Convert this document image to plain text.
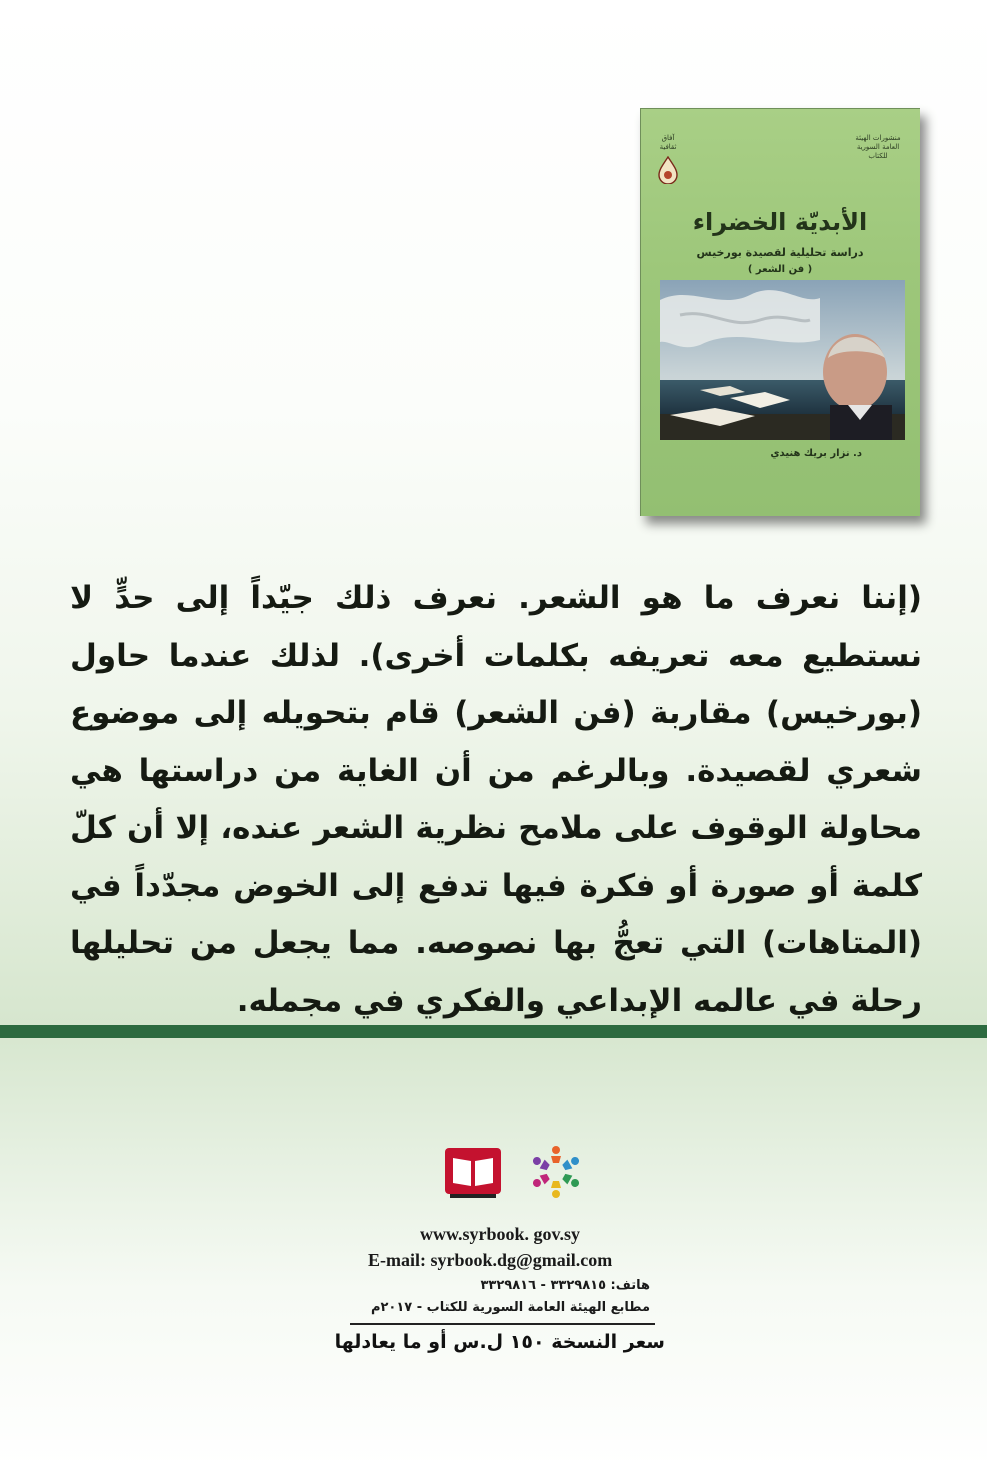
منشورات الهيئة العامة السورية للكتاب
آفاق ثقافية
الأبديّة الخضراء
دراسة تحليلية لقصيدة بورخيس
( فن الشعر )
د. نزار بريك هنيدي
(إننا نعرف ما هو الشعر. نعرف ذلك جيّداً إلى حدٍّ لا نستطيع معه تعريفه بكلمات أخرى). لذلك عندما حاول (بورخيس) مقاربة (فن الشعر) قام بتحويله إلى موضوع شعري لقصيدة. وبالرغم من أن الغاية من دراستها هي محاولة الوقوف على ملامح نظرية الشعر عنده، إلا أن كلّ كلمة أو صورة أو فكرة فيها تدفع إلى الخوض مجدّداً في (المتاهات) التي تعجُّ بها نصوصه. مما يجعل من تحليلها رحلة في عالمه الإبداعي والفكري في مجمله.
www.syrbook. gov.sy
E-mail: syrbook.dg@gmail.com
هاتف: ٣٣٢٩٨١٥ - ٣٣٢٩٨١٦
مطابع الهيئة العامة السورية للكتاب - ٢٠١٧م
سعر النسخة ١٥٠ ل.س أو ما يعادلها
